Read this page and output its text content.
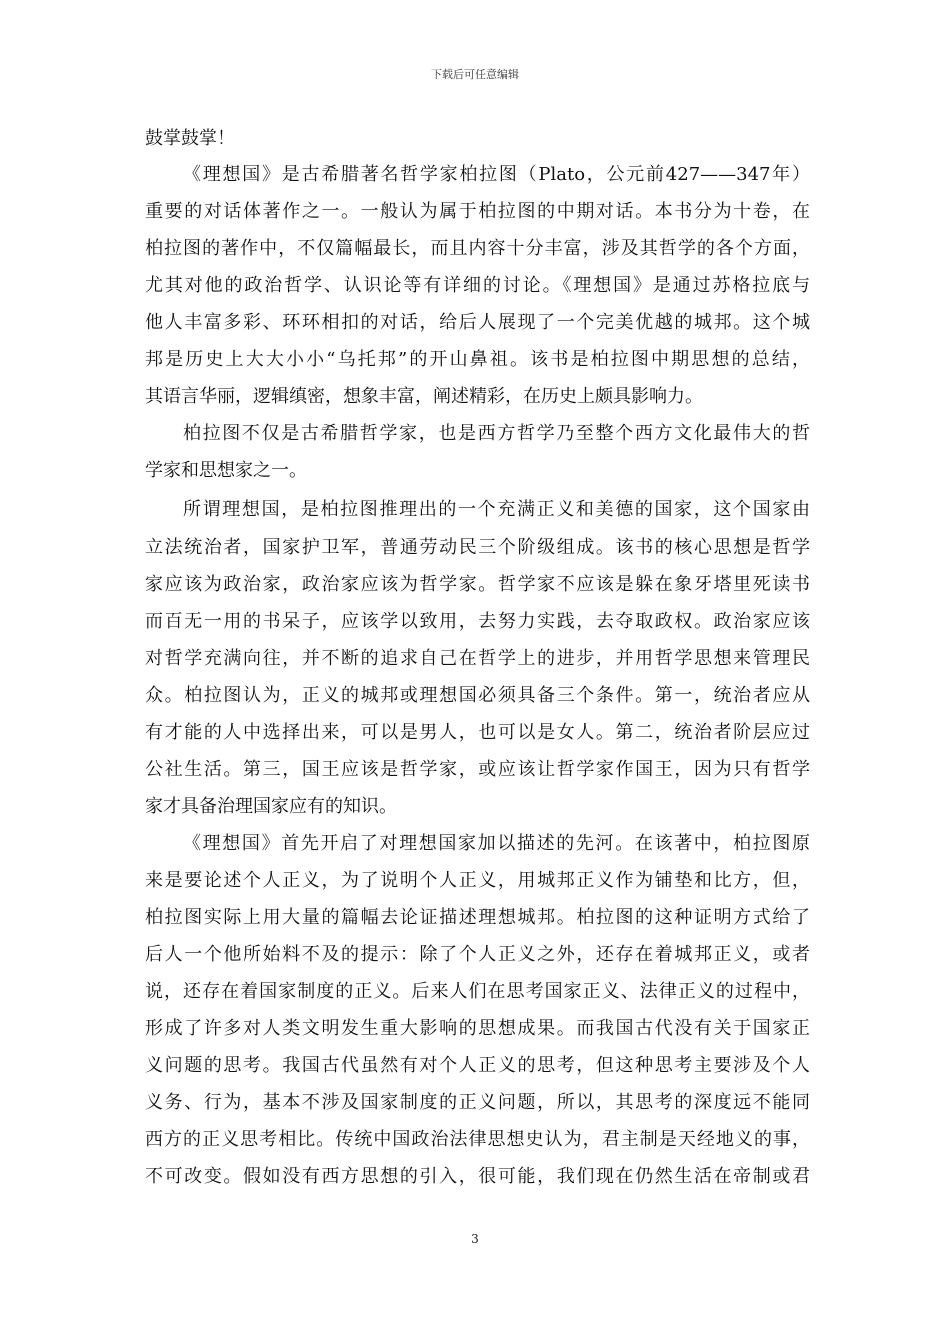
下载后可任意编辑
鼓掌鼓掌！
《理想国》是古希腊著名哲学家柏拉图（Plato，公元前427——347年）
重要的对话体著作之一。一般认为属于柏拉图的中期对话。本书分为十卷，在
柏拉图的著作中，不仅篇幅最长，而且内容十分丰富，涉及其哲学的各个方面，
尤其对他的政治哲学、认识论等有详细的讨论。《理想国》是通过苏格拉底与
他人丰富多彩、环环相扣的对话，给后人展现了一个完美优越的城邦。这个城
邦是历史上大大小小“乌托邦”的开山鼻祖。该书是柏拉图中期思想的总结，
其语言华丽，逻辑缜密，想象丰富，阐述精彩，在历史上颇具影响力。
柏拉图不仅是古希腊哲学家，也是西方哲学乃至整个西方文化最伟大的哲
学家和思想家之一。
所谓理想国，是柏拉图推理出的一个充满正义和美德的国家，这个国家由
立法统治者，国家护卫军，普通劳动民三个阶级组成。该书的核心思想是哲学
家应该为政治家，政治家应该为哲学家。哲学家不应该是躲在象牙塔里死读书
而百无一用的书呆子，应该学以致用，去努力实践，去夺取政权。政治家应该
对哲学充满向往，并不断的追求自己在哲学上的进步，并用哲学思想来管理民
众。柏拉图认为，正义的城邦或理想国必须具备三个条件。第一，统治者应从
有才能的人中选择出来，可以是男人，也可以是女人。第二，统治者阶层应过
公社生活。第三，国王应该是哲学家，或应该让哲学家作国王，因为只有哲学
家才具备治理国家应有的知识。
《理想国》首先开启了对理想国家加以描述的先河。在该著中，柏拉图原
来是要论述个人正义，为了说明个人正义，用城邦正义作为铺垫和比方，但，
柏拉图实际上用大量的篇幅去论证描述理想城邦。柏拉图的这种证明方式给了
后人一个他所始料不及的提示：除了个人正义之外，还存在着城邦正义，或者
说，还存在着国家制度的正义。后来人们在思考国家正义、法律正义的过程中，
形成了许多对人类文明发生重大影响的思想成果。而我国古代没有关于国家正
义问题的思考。我国古代虽然有对个人正义的思考，但这种思考主要涉及个人
义务、行为，基本不涉及国家制度的正义问题，所以，其思考的深度远不能同
西方的正义思考相比。传统中国政治法律思想史认为，君主制是天经地义的事，
不可改变。假如没有西方思想的引入，很可能，我们现在仍然生活在帝制或君
3
